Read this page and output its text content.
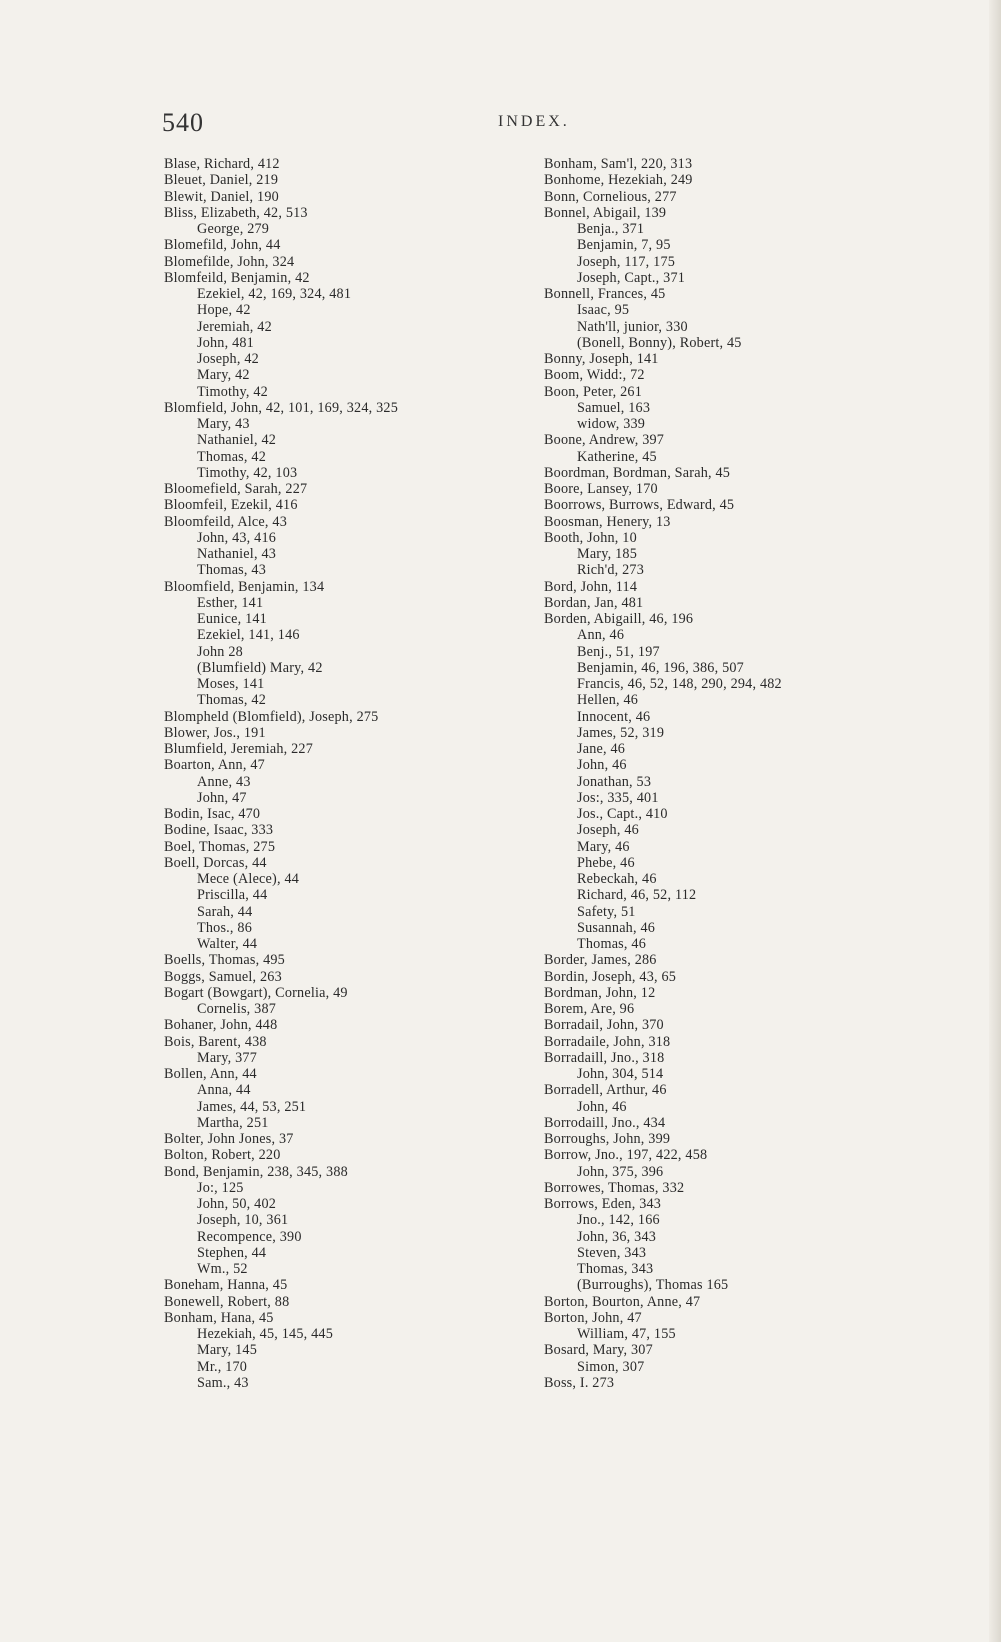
540	INDEX.
Blase, Richard, 412
Bleuet, Daniel, 219
Blewit, Daniel, 190
Bliss, Elizabeth, 42, 513
George, 279
Blomefild, John, 44
Blomefilde, John, 324
Blomfeild, Benjamin, 42
Ezekiel, 42, 169, 324, 481
Hope, 42
Jeremiah, 42
John, 481
Joseph, 42
Mary, 42
Timothy, 42
Blomfield, John, 42, 101, 169, 324, 325
Mary, 43
Nathaniel, 42
Thomas, 42
Timothy, 42, 103
Bloomefield, Sarah, 227
Bloomfeil, Ezekil, 416
Bloomfeild, Alce, 43
John, 43, 416
Nathaniel, 43
Thomas, 43
Bloomfield, Benjamin, 134
Esther, 141
Eunice, 141
Ezekiel, 141, 146
John 28
(Blumfield) Mary, 42
Moses, 141
Thomas, 42
Blompheld (Blomfield), Joseph, 275
Blower, Jos., 191
Blumfield, Jeremiah, 227
Boarton, Ann, 47
Anne, 43
John, 47
Bodin, Isac, 470
Bodine, Isaac, 333
Boel, Thomas, 275
Boell, Dorcas, 44
Mece (Alece), 44
Priscilla, 44
Sarah, 44
Thos., 86
Walter, 44
Boells, Thomas, 495
Boggs, Samuel, 263
Bogart (Bowgart), Cornelia, 49
Cornelis, 387
Bohaner, John, 448
Bois, Barent, 438
Mary, 377
Bollen, Ann, 44
Anna, 44
James, 44, 53, 251
Martha, 251
Bolter, John Jones, 37
Bolton, Robert, 220
Bond, Benjamin, 238, 345, 388
Jo:, 125
John, 50, 402
Joseph, 10, 361
Recompence, 390
Stephen, 44
Wm., 52
Boneham, Hanna, 45
Bonewell, Robert, 88
Bonham, Hana, 45
Hezekiah, 45, 145, 445
Mary, 145
Mr., 170
Sam., 43
Bonham, Sam'l, 220, 313
Bonhome, Hezekiah, 249
Bonn, Cornelious, 277
Bonnel, Abigail, 139
Benja., 371
Benjamin, 7, 95
Joseph, 117, 175
Joseph, Capt., 371
Bonnell, Frances, 45
Isaac, 95
Nath'll, junior, 330
(Bonell, Bonny), Robert, 45
Bonny, Joseph, 141
Boom, Widd:, 72
Boon, Peter, 261
Samuel, 163
widow, 339
Boone, Andrew, 397
Katherine, 45
Boordman, Bordman, Sarah, 45
Boore, Lansey, 170
Boorrows, Burrows, Edward, 45
Boosman, Henery, 13
Booth, John, 10
Mary, 185
Rich'd, 273
Bord, John, 114
Bordan, Jan, 481
Borden, Abigaill, 46, 196
Ann, 46
Benj., 51, 197
Benjamin, 46, 196, 386, 507
Francis, 46, 52, 148, 290, 294, 482
Hellen, 46
Innocent, 46
James, 52, 319
Jane, 46
John, 46
Jonathan, 53
Jos:, 335, 401
Jos., Capt., 410
Joseph, 46
Mary, 46
Phebe, 46
Rebeckah, 46
Richard, 46, 52, 112
Safety, 51
Susannah, 46
Thomas, 46
Border, James, 286
Bordin, Joseph, 43, 65
Bordman, John, 12
Borem, Are, 96
Borradail, John, 370
Borradaile, John, 318
Borradaill, Jno., 318
John, 304, 514
Borradell, Arthur, 46
John, 46
Borrodaill, Jno., 434
Borroughs, John, 399
Borrow, Jno., 197, 422, 458
John, 375, 396
Borrowes, Thomas, 332
Borrows, Eden, 343
Jno., 142, 166
John, 36, 343
Steven, 343
Thomas, 343
(Burroughs), Thomas 165
Borton, Bourton, Anne, 47
Borton, John, 47
William, 47, 155
Bosard, Mary, 307
Simon, 307
Boss, I. 273
